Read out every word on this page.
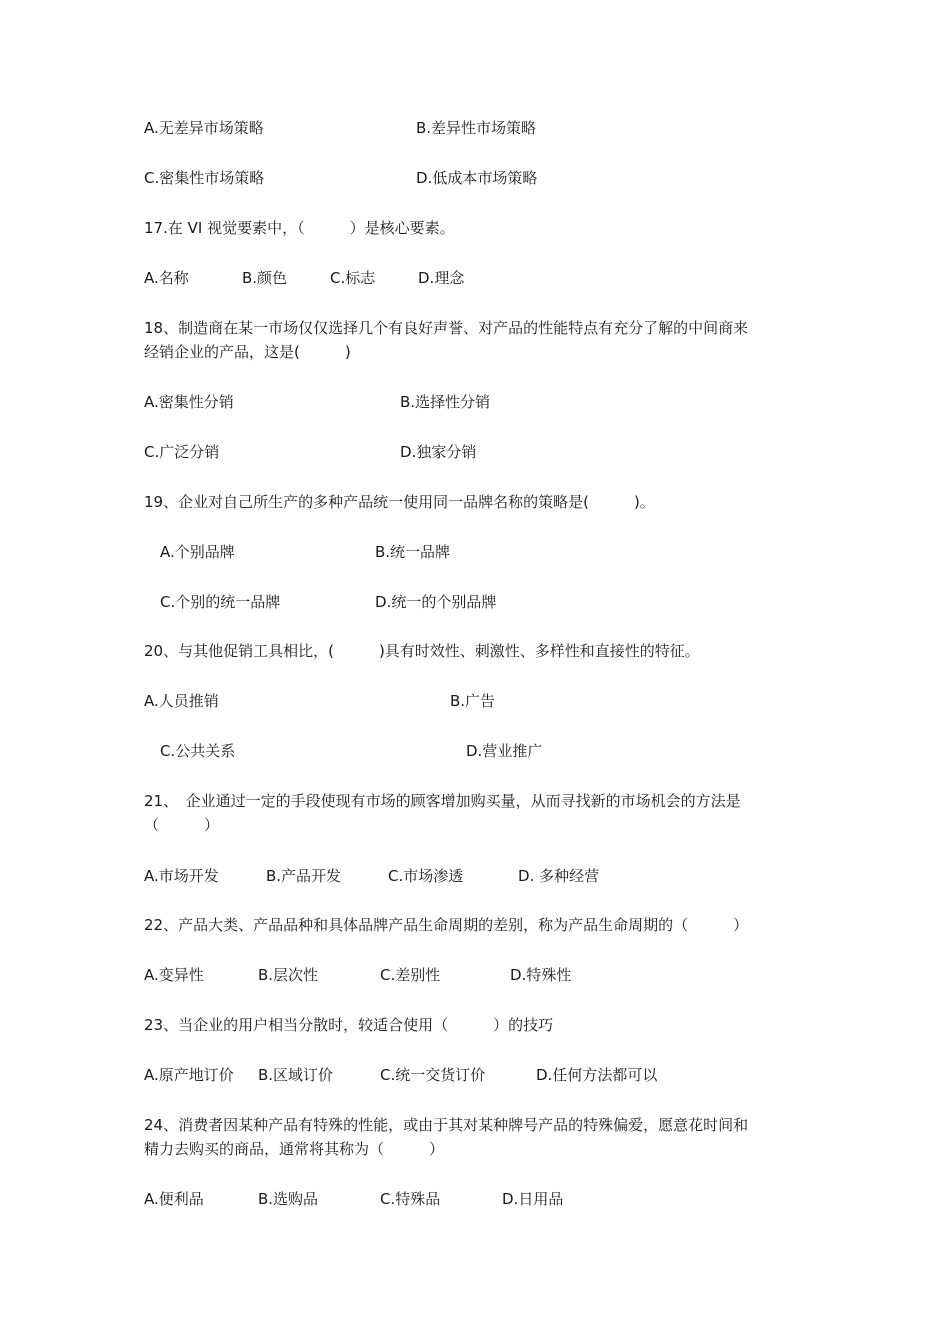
A.无差异市场策略	B.差异性市场策略
C.密集性市场策略	D.低成本市场策略
17.在 VI 视觉要素中，（　　　）是核心要素。
A.名称	B.颜色	C.标志	D.理念
18、制造商在某一市场仅仅选择几个有良好声誉、对产品的性能特点有充分了解的中间商来
经销企业的产品，这是(　　　)
A.密集性分销	B.选择性分销
C.广泛分销	D.独家分销
19、企业对自己所生产的多种产品统一使用同一品牌名称的策略是(　　　)。
A.个别品牌	B.统一品牌
C.个别的统一品牌	D.统一的个别品牌
20、与其他促销工具相比，(　　　)具有时效性、刺激性、多样性和直接性的特征。
A.人员推销	B.广告
C.公共关系	D.营业推广
21、　企业通过一定的手段使现有市场的顾客增加购买量，从而寻找新的市场机会的方法是
（　　　）
A.市场开发	B.产品开发	C.市场渗透	D. 多种经营
22、产品大类、产品品种和具体品牌产品生命周期的差别，称为产品生命周期的（　　　）
A.变异性	B.层次性	C.差别性	D.特殊性
23、当企业的用户相当分散时，较适合使用（　　　）的技巧
A.原产地订价 B.区域订价	C.统一交货订价	D.任何方法都可以
24、消费者因某种产品有特殊的性能，或由于其对某种牌号产品的特殊偏爱，愿意花时间和
精力去购买的商品，通常将其称为（　　　）
A.便利品	B.选购品	C.特殊品	D.日用品
